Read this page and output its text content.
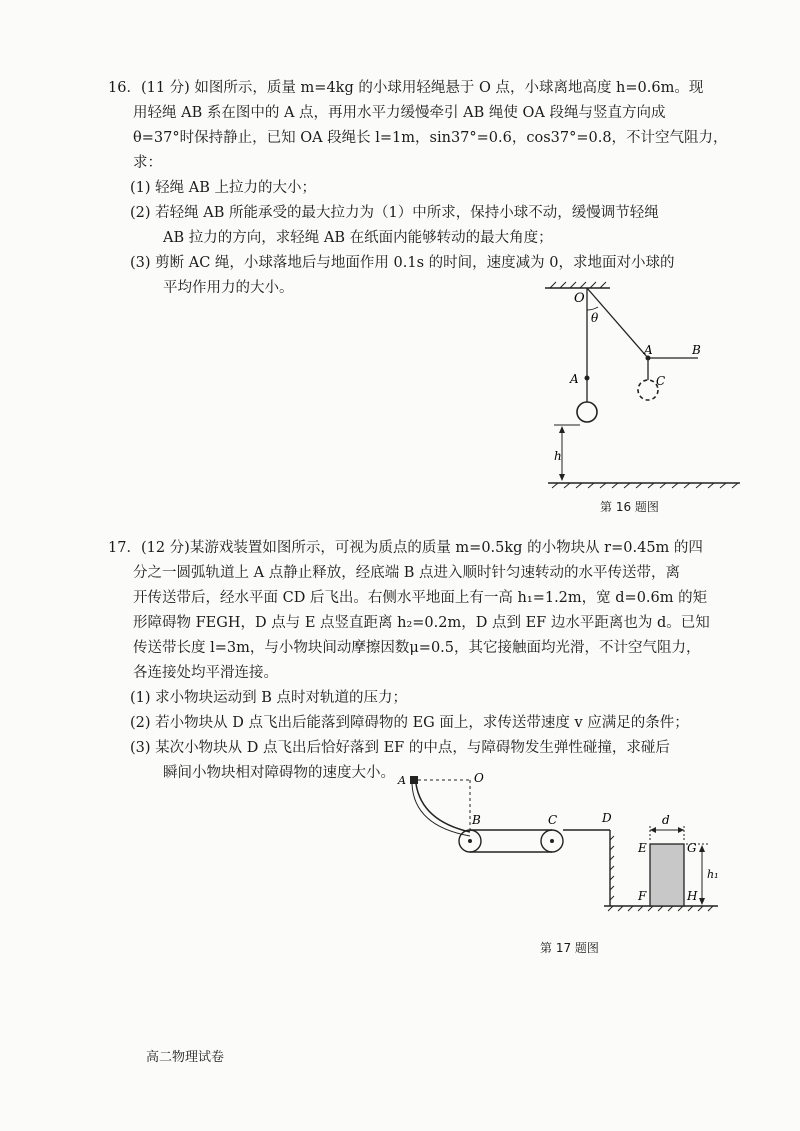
16．(11 分) 如图所示，质量 m=4kg 的小球用轻绳悬于 O 点，小球离地高度 h=0.6m。现
用轻绳 AB 系在图中的 A 点，再用水平力缓慢牵引 AB 绳使 OA 段绳与竖直方向成
θ=37°时保持静止，已知 OA 段绳长 l=1m，sin37°=0.6，cos37°=0.8，不计空气阻力，
求：
(1) 轻绳 AB 上拉力的大小；
(2) 若轻绳 AB 所能承受的最大拉力为（1）中所求，保持小球不动，缓慢调节轻绳
AB 拉力的方向，求轻绳 AB 在纸面内能够转动的最大角度；
(3) 剪断 AC 绳，小球落地后与地面作用 0.1s 的时间，速度减为 0，求地面对小球的
平均作用力的大小。
O
θ
A
A	B
C
h
第 16 题图
17．(12 分)某游戏装置如图所示，可视为质点的质量 m=0.5kg 的小物块从 r=0.45m 的四
分之一圆弧轨道上 A 点静止释放，经底端 B 点进入顺时针匀速转动的水平传送带，离
开传送带后，经水平面 CD 后飞出。右侧水平地面上有一高 h₁=1.2m，宽 d=0.6m 的矩
形障碍物 FEGH，D 点与 E 点竖直距离 h₂=0.2m，D 点到 EF 边水平距离也为 d。已知
传送带长度 l=3m，与小物块间动摩擦因数μ=0.5，其它接触面均光滑，不计空气阻力，
各连接处均平滑连接。
(1) 求小物块运动到 B 点时对轨道的压力；
(2) 若小物块从 D 点飞出后能落到障碍物的 EG 面上，求传送带速度 v 应满足的条件；
(3) 某次小物块从 D 点飞出后恰好落到 EF 的中点，与障碍物发生弹性碰撞，求碰后
瞬间小物块相对障碍物的速度大小。 A	O
B	C	D	d
E	G
F	H
h₁
第 17 题图
高二物理试卷
